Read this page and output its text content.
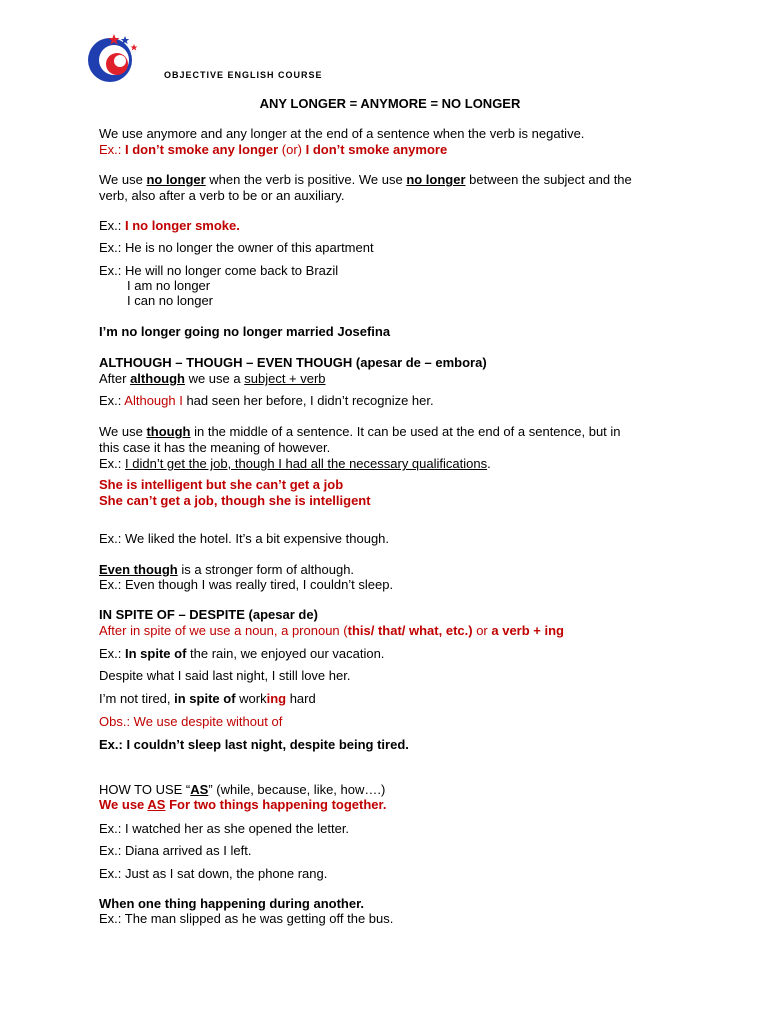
OBJECTIVE ENGLISH COURSE
ANY LONGER = ANYMORE = NO LONGER
We use anymore and any longer at the end of a sentence when the verb is negative.
Ex.: I don’t smoke any longer (or) I don’t smoke anymore
We use no longer when the verb is positive. We use no longer between the subject and the
verb, also after a verb to be or an auxiliary.
Ex.: I no longer smoke.
Ex.: He is no longer the owner of this apartment
Ex.: He will no longer come back to Brazil
I am no longer
I can no longer
I’m no longer going no longer married Josefina
ALTHOUGH – THOUGH – EVEN THOUGH (apesar de – embora)
After although we use a subject + verb
Ex.: Although I had seen her before, I didn’t recognize her.
We use though in the middle of a sentence. It can be used at the end of a sentence, but in
this case it has the meaning of however.
Ex.: I didn’t get the job, though I had all the necessary qualifications.
She is intelligent but she can’t get a job
She can’t get a job, though she is intelligent
Ex.: We liked the hotel. It’s a bit expensive though.
Even though is a stronger form of although.
Ex.: Even though I was really tired, I couldn’t sleep.
IN SPITE OF – DESPITE (apesar de)
After in spite of we use a noun, a pronoun (this/ that/ what, etc.) or a verb + ing
Ex.: In spite of the rain, we enjoyed our vacation.
Despite what I said last night, I still love her.
I’m not tired, in spite of working hard
Obs.: We use despite without of
Ex.: I couldn’t sleep last night, despite being tired.
HOW TO USE “AS” (while, because, like, how….)
We use AS For two things happening together.
Ex.: I watched her as she opened the letter.
Ex.: Diana arrived as I left.
Ex.: Just as I sat down, the phone rang.
When one thing happening during another.
Ex.: The man slipped as he was getting off the bus.
